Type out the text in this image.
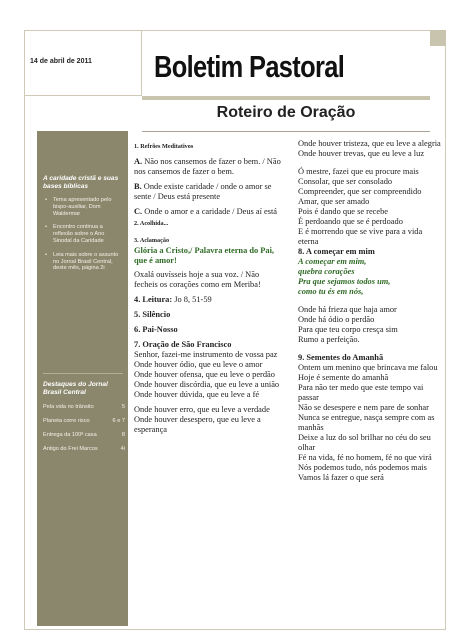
14 de abril de 2011 Boletim Pastoral
Roteiro de Oração
A caridade cristã e suas bases bíblicas
• Tema apresentado pelo bispo-auxiliar, Dom Waldermar
• Encontro continua a reflexão sobre o Ano Sinodal da Caridade
• Leia mais sobre o assunto no Jornal Brasil Central, deste mês, página 2i
Destaques do Jornal Brasil Central
Pela vida no trânsito	5
Planeta corre risco	6 e 7
Entrega da 100ª casa	8
Antigo do Frei Marcos	4i

1. Refrões Meditativos

A. Não nos cansemos de fazer o bem. / Não nos cansemos de fazer o bem.

B. Onde existe caridade / onde o amor se sente / Deus está presente

C. Onde o amor e a caridade / Deus aí está

2. Acolhida...

3. Aclamação

Glória a Cristo,/ Palavra eterna do Pai, que é amor!

Oxalá ouvísseis hoje a sua voz. / Não fecheis os corações como em Meriba!

4. Leitura: Jo 8, 51-59

5. Silêncio

6. Pai-Nosso

7. Oração de São Francisco

Senhor, fazei-me instrumento de vossa paz

Onde houver ódio, que eu leve o amor

Onde houver ofensa, que eu leve o perdão

Onde houver discórdia, que eu leve a união

Onde houver dúvida, que eu leve a fé

Onde houver erro, que eu leve a verdade

Onde houver desespero, que eu leve a esperança

Onde houver tristeza, que eu leve a alegria

Onde houver trevas, que eu leve a luz

Ó mestre, fazei que eu procure mais

Consolar, que ser consolado

Compreender, que ser compreendido

Amar, que ser amado

Pois é dando que se recebe

É perdoando que se é perdoado

E é morrendo que se vive para a vida eterna

8. A começar em mim

A começar em mim,

quebra corações

Pra que sejamos todos um,

como tu és em nós,

Onde há frieza que haja amor

Onde há ódio o perdão

Para que teu corpo cresça sim

Rumo a perfeição.

9. Sementes do Amanhã

Ontem um menino que brincava me falou

Hoje é semente do amanhã

Para não ter medo que este tempo vai passar

Não se desespere e nem pare de sonhar

Nunca se entregue, nasça sempre com as manhãs

Deixe a luz do sol brilhar no céu do seu olhar

Fé na vida, fé no homem, fé no que virá

Nós podemos tudo, nós podemos mais

Vamos lá fazer o que será
